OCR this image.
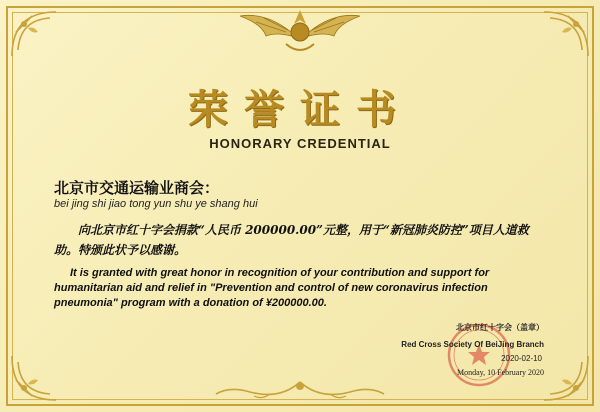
荣誉证书
HONORARY CREDENTIAL
北京市交通运输业商会：
bei jing shi jiao tong yun shu ye shang hui
向北京市红十字会捐款“人民币 200000.00”元整，用于“新冠肺炎防控”项目人道救助。特颁此状予以感谢。
It is granted with great honor in recognition of your contribution and support for humanitarian aid and relief in "Prevention and control of new coronavirus infection pneumonia" program with a donation of ¥200000.00.
北京市红十字会（盖章）
Red Cross Society Of BeiJing Branch
2020-02-10
Monday, 10 February 2020
